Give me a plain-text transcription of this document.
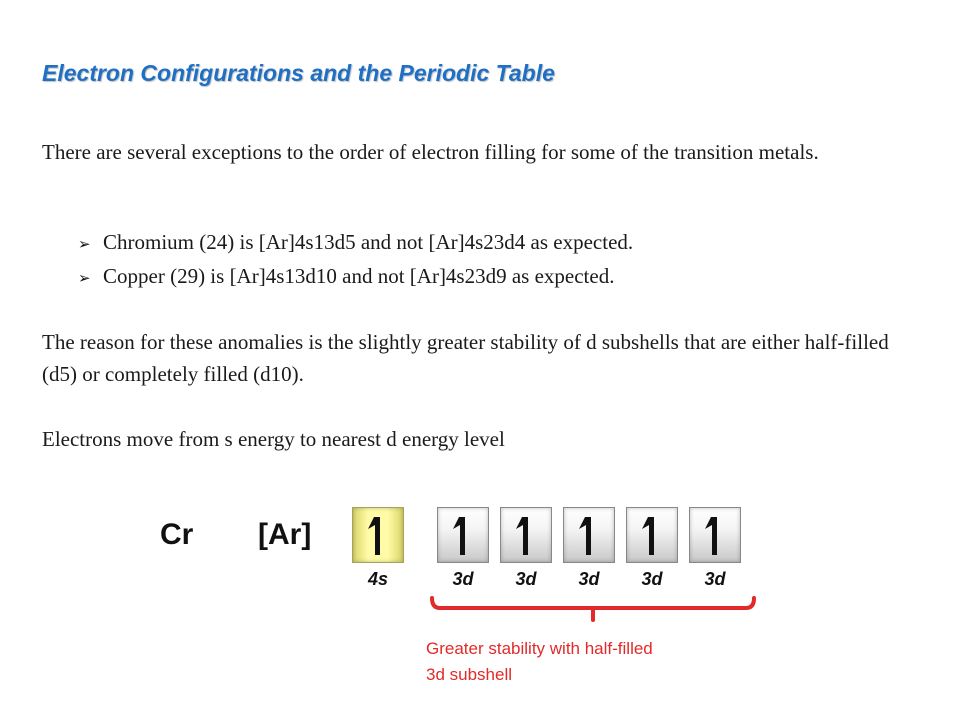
Electron Configurations and the Periodic Table
There are several exceptions to the order of electron filling for some of the transition metals.
➢ Chromium (24) is [Ar]4s13d5 and not [Ar]4s23d4 as expected.
➢ Copper (29) is [Ar]4s13d10 and not [Ar]4s23d9 as expected.
The reason for these anomalies is the slightly greater stability of d subshells that are either half-filled (d5) or completely filled (d10).
Electrons move from s energy to nearest d energy level
Cr [Ar]
4s	3d	3d	3d	3d	3d
Greater stability with half-filled
3d subshell
